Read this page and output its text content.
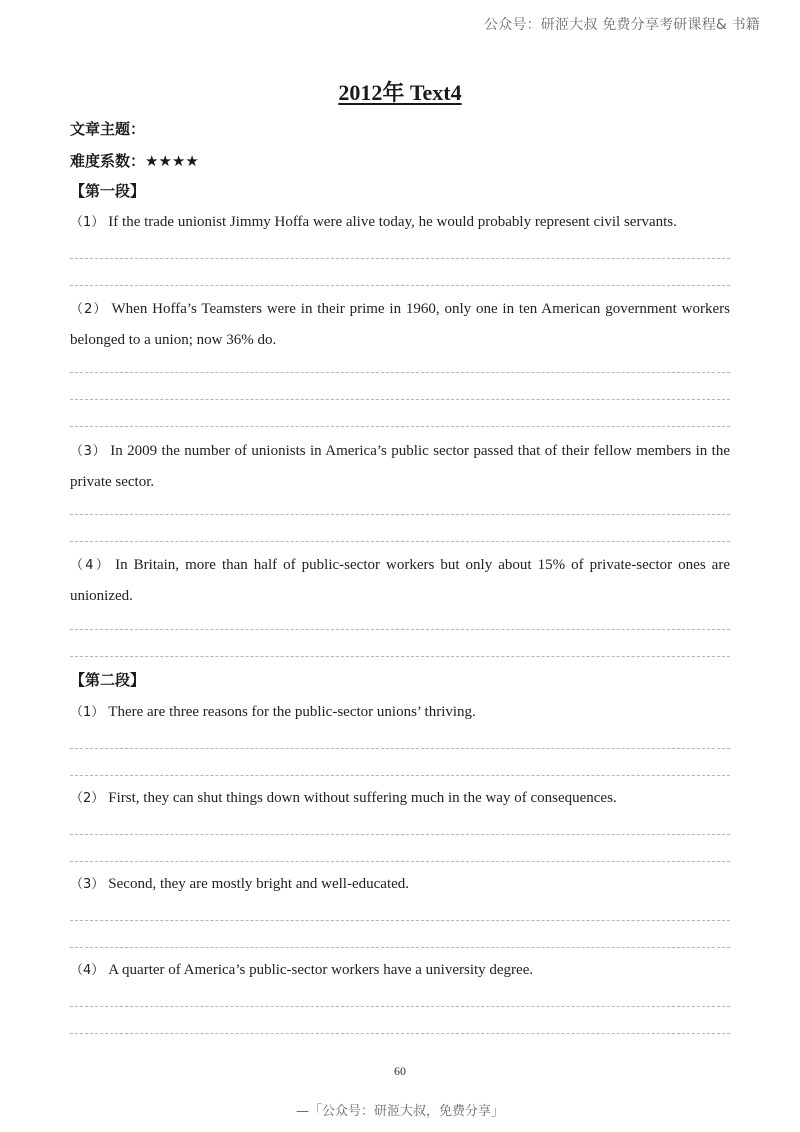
公众号：研洍大叔 免费分享考研课程& 书籍
2012年 Text4
文章主题：
难度系数：★★★★
【第一段】
（1） If the trade unionist Jimmy Hoffa were alive today, he would probably represent civil servants.
（2） When Hoffa’s Teamsters were in their prime in 1960, only one in ten American government workers belonged to a union; now 36% do.
（3） In 2009 the number of unionists in America’s public sector passed that of their fellow members in the private sector.
（4） In Britain, more than half of public-sector workers but only about 15% of private-sector ones are unionized.
【第二段】
（1） There are three reasons for the public-sector unions’ thriving.
（2） First, they can shut things down without suffering much in the way of consequences.
（3） Second, they are mostly bright and well-educated.
（4） A quarter of America’s public-sector workers have a university degree.
60
—「公众号：研洍大叔，免费分享」
